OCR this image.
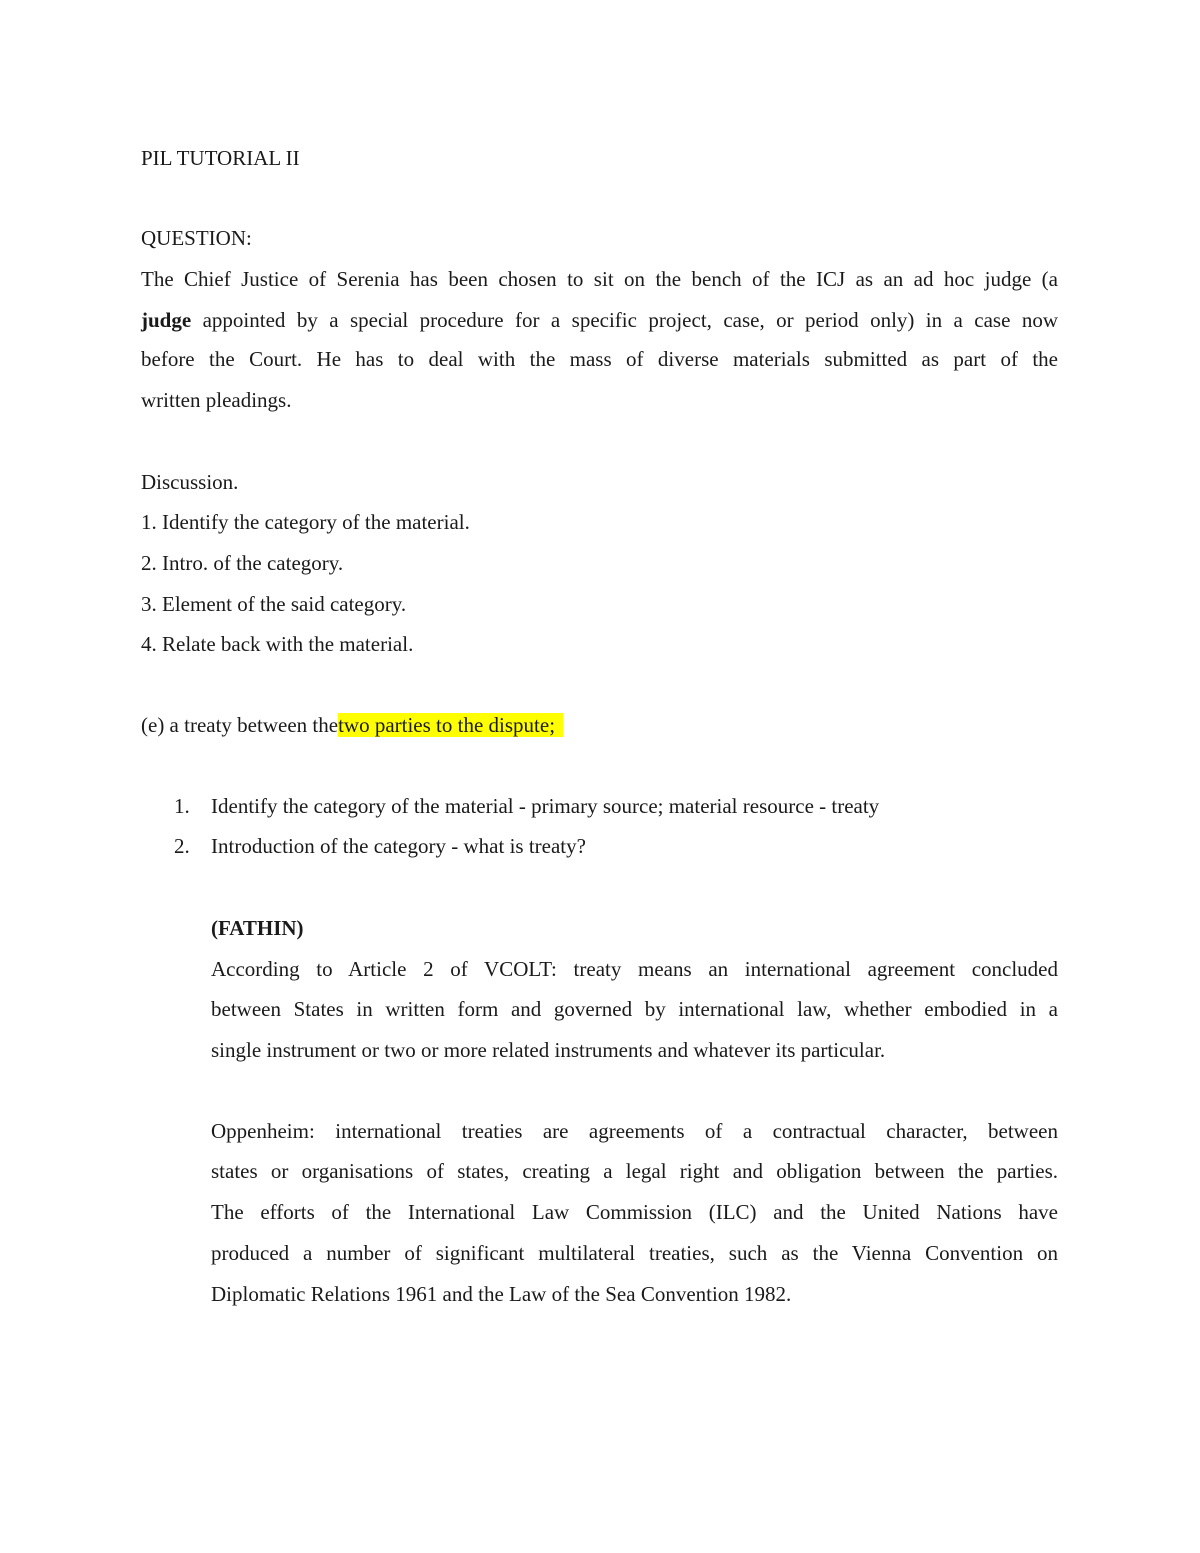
PIL TUTORIAL II
QUESTION:
The Chief Justice of Serenia has been chosen to sit on the bench of the ICJ as an ad hoc judge (a
judge appointed by a special procedure for a specific project, case, or period only) in a case now
before the Court. He has to deal with the mass of diverse materials submitted as part of the
written pleadings.
Discussion.
1. Identify the category of the material.
2. Intro. of the category.
3. Element of the said category.
4. Relate back with the material.
(e) a treaty between thetwo parties to the dispute;
1. Identify the category of the material - primary source; material resource - treaty
2. Introduction of the category - what is treaty?
(FATHIN)
According to Article 2 of VCOLT: treaty means an international agreement concluded
between States in written form and governed by international law, whether embodied in a
single instrument or two or more related instruments and whatever its particular.
Oppenheim: international treaties are agreements of a contractual character, between
states or organisations of states, creating a legal right and obligation between the parties.
The efforts of the International Law Commission (ILC) and the United Nations have
produced a number of significant multilateral treaties, such as the Vienna Convention on
Diplomatic Relations 1961 and the Law of the Sea Convention 1982.
